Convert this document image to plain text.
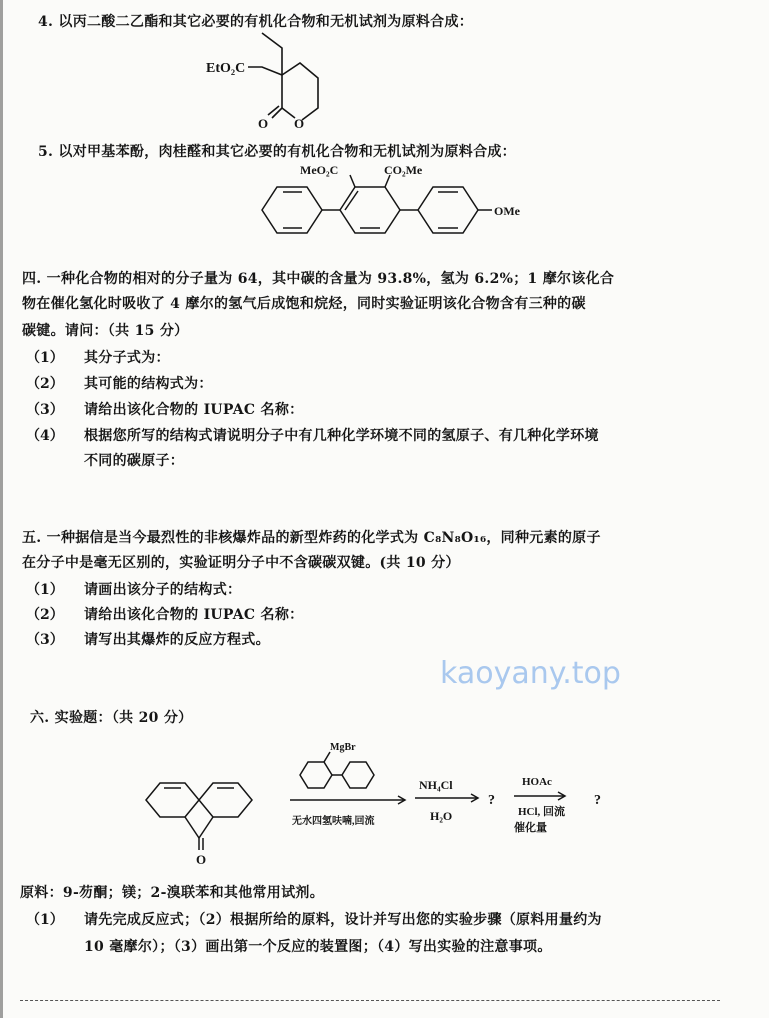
kaoyany.top
4. 以丙二酸二乙酯和其它必要的有机化合物和无机试剂为原料合成：
EtO₂C
O O
5. 以对甲基苯酚，肉桂醛和其它必要的有机化合物和无机试剂为原料合成：
MeO₂C	CO₂Me
OMe
四. 一种化合物的相对的分子量为 64，其中碳的含量为 93.8%，氢为 6.2%；1 摩尔该化合
物在催化氢化时吸收了 4 摩尔的氢气后成饱和烷烃，同时实验证明该化合物含有三种的碳
碳键。请问：（共 15 分）
（1） 其分子式为：
（2） 其可能的结构式为：
（3） 请给出该化合物的 IUPAC 名称：
（4） 根据您所写的结构式请说明分子中有几种化学环境不同的氢原子、有几种化学环境
不同的碳原子：
五. 一种据信是当今最烈性的非核爆炸品的新型炸药的化学式为 C₈N₈O₁₆，同种元素的原子
在分子中是毫无区别的，实验证明分子中不含碳碳双键。(共 10 分）
（1） 请画出该分子的结构式：
（2） 请给出该化合物的 IUPAC 名称：
（3） 请写出其爆炸的反应方程式。
六. 实验题：（共 20 分）
MgBr
O
无水四氢呋喃,回流
NH₄Cl
H₂O
?
HOAc
HCl, 回流
催化量
?
原料：9-芴酮；镁；2-溴联苯和其他常用试剂。
（1） 请先完成反应式；（2）根据所给的原料，设计并写出您的实验步骤（原料用量约为
10 毫摩尔）；（3）画出第一个反应的装置图；（4）写出实验的注意事项。
